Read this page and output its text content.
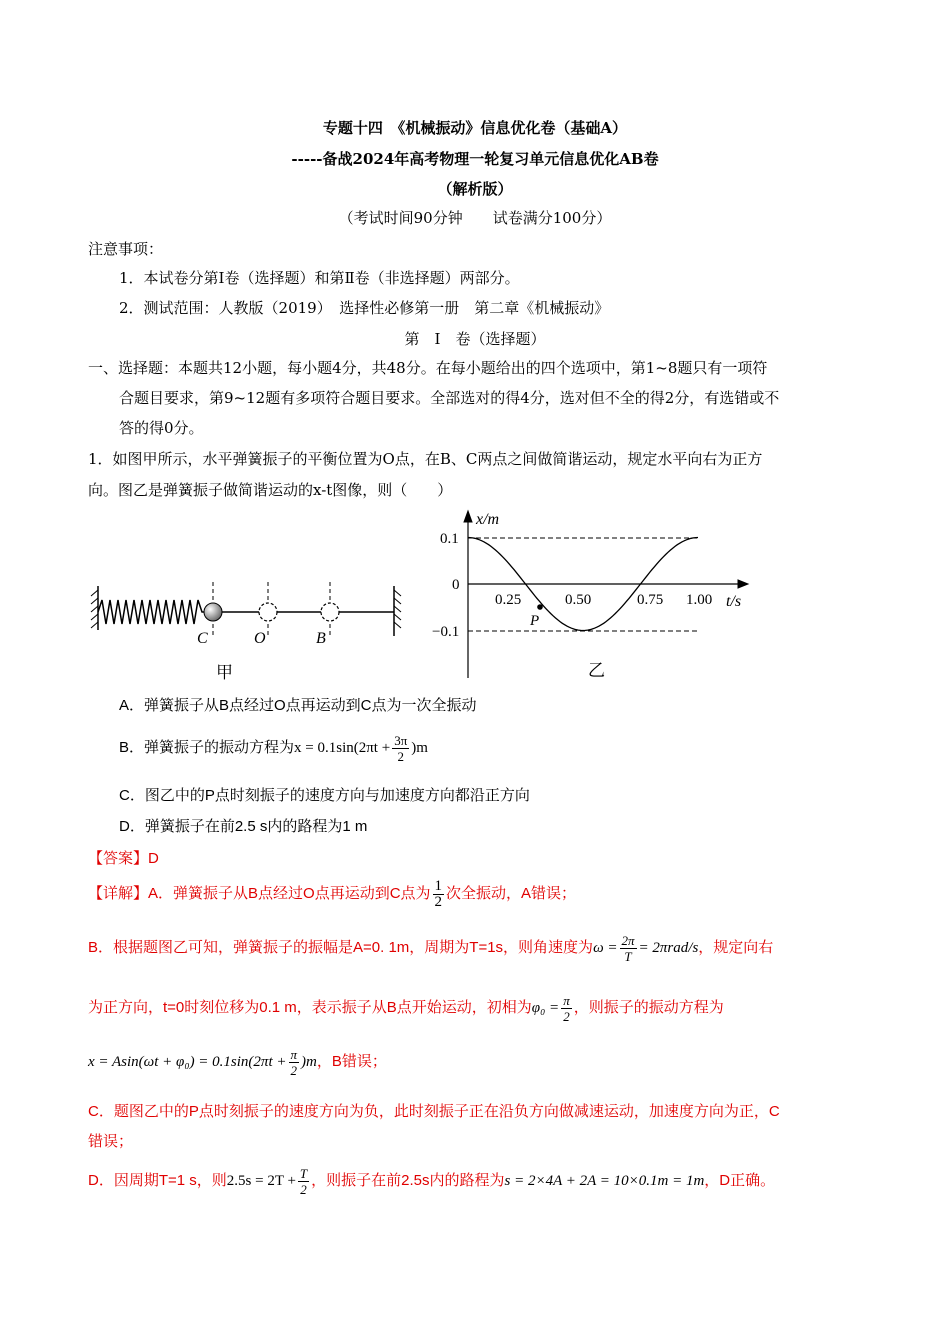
专题十四　《机械振动》信息优化卷（基础A）
-----备战2024年高考物理一轮复习单元信息优化AB卷
（解析版）
（考试时间90分钟　　试卷满分100分）
注意事项：
1．本试卷分第Ⅰ卷（选择题）和第Ⅱ卷（非选择题）两部分。
2．测试范围：人教版（2019）　选择性必修第一册　第二章《机械振动》
第　Ⅰ　卷（选择题）
一、选择题：本题共12小题，每小题4分，共48分。在每小题给出的四个选项中，第1~8题只有一项符
合题目要求，第9~12题有多项符合题目要求。全部选对的得4分，选对但不全的得2分，有选错或不
答的得0分。
1．如图甲所示，水平弹簧振子的平衡位置为O点，在B、C两点之间做简谐运动，规定水平向右为正方
向。图乙是弹簧振子做简谐运动的x-t图像，则（　　）
C	O	B
甲
x/m
t/s
0.1
0
−0.1
0.25	0.50	0.75 1.00
P
乙
A．弹簧振子从B点经过O点再运动到C点为一次全振动
B．弹簧振子的振动方程为$x = 0.1\sin(2\pi t + \frac{3\pi}{2} )m$
C．图乙中的P点时刻振子的速度方向与加速度方向都沿正方向
D．弹簧振子在前2.5 s内的路程为1 m
【答案】D
【详解】A．弹簧振子从B点经过O点再运动到C点为 $\frac{1}{2}$ 次全振动，A错误；
B．根据题图乙可知，弹簧振子的振幅是A=0. 1m，周期为T=1s，则角速度为$\omega = \frac{2\pi}{T} = 2\pi rad/s$，规定向右
为正方向，t=0时刻位移为0.1 m，表示振子从B点开始运动，初相为$\varphi_0 = \frac{\pi}{2}$ ，则振子的振动方程为
$x = Asin(\omega t + \varphi_0) = 0.1\sin(2\pi t + \frac{\pi}{2} )m$，B错误；
C．题图乙中的P点时刻振子的速度方向为负，此时刻振子正在沿负方向做减速运动，加速度方向为正，C
错误；
D．因周期T=1 s，则$2.5s = 2T + \frac{T}{2}$ ，则振子在前2.5s内的路程为s = 2×4A + 2A = 10×0.1m = 1m，D正确。
